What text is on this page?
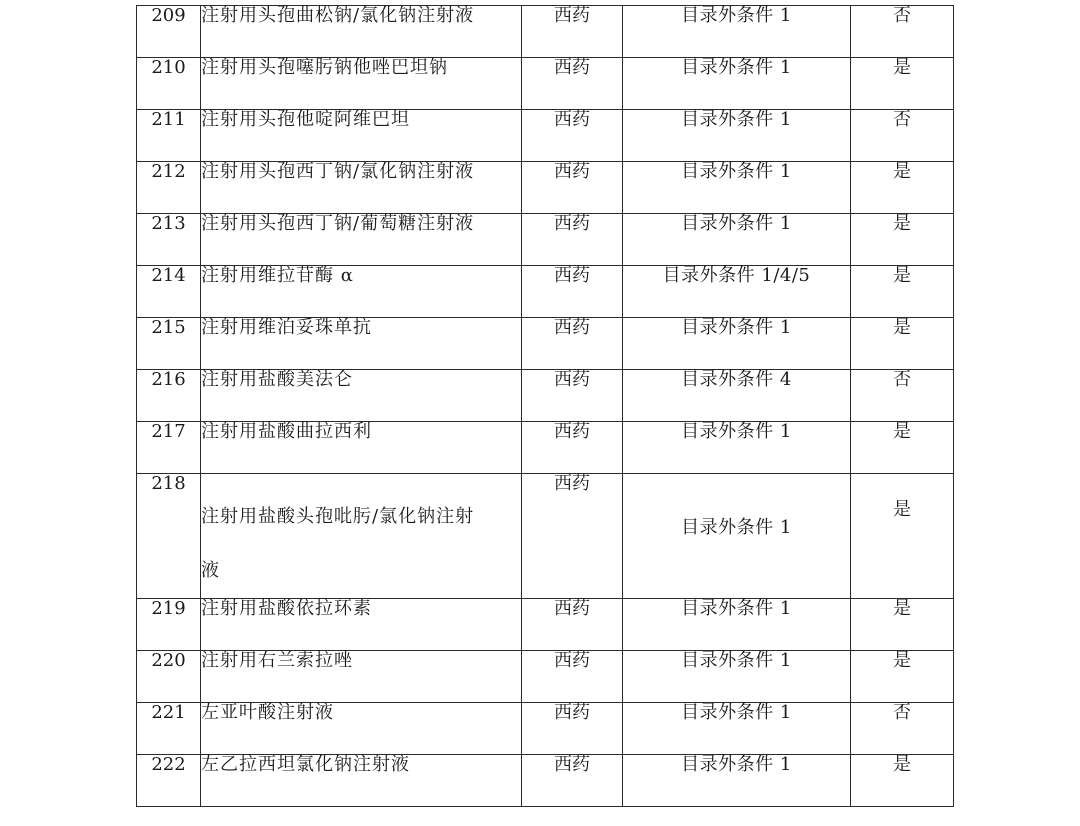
209	注射用头孢曲松钠/氯化钠注射液	西药	目录外条件 1	否
210	注射用头孢噻肟钠他唑巴坦钠	西药	目录外条件 1	是
211	注射用头孢他啶阿维巴坦	西药	目录外条件 1	否
212	注射用头孢西丁钠/氯化钠注射液	西药	目录外条件 1	是
213	注射用头孢西丁钠/葡萄糖注射液	西药	目录外条件 1	是
214	注射用维拉苷酶 α	西药	目录外条件 1/4/5	是
215	注射用维泊妥珠单抗	西药	目录外条件 1	是
216	注射用盐酸美法仑	西药	目录外条件 4	否
217	注射用盐酸曲拉西利	西药	目录外条件 1	是
218	注射用盐酸头孢吡肟/氯化钠注射液	西药	目录外条件 1	是
219	注射用盐酸依拉环素	西药	目录外条件 1	是
220	注射用右兰索拉唑	西药	目录外条件 1	是
221	左亚叶酸注射液	西药	目录外条件 1	否
222	左乙拉西坦氯化钠注射液	西药	目录外条件 1	是
